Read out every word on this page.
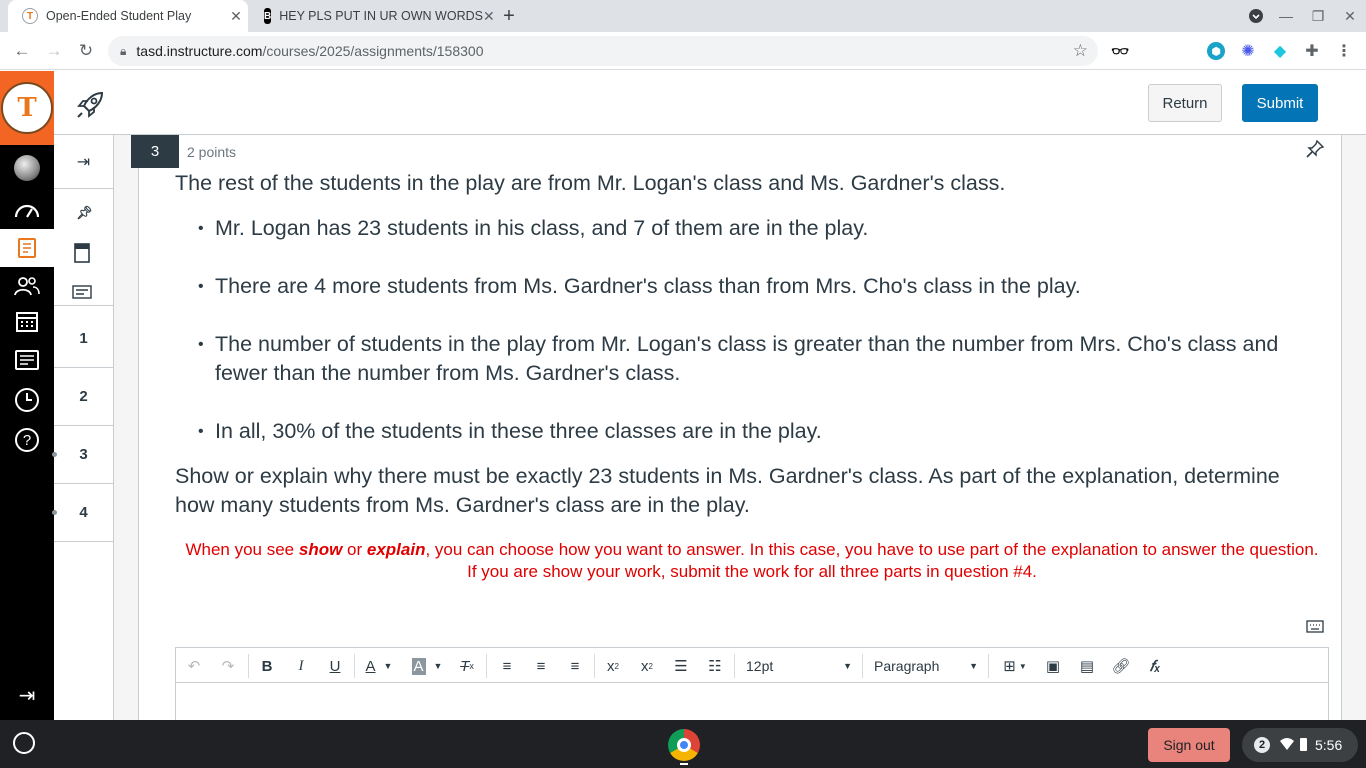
T	Open-Ended Student Play	✕	B HEY PLS PUT IN UR OWN WORDS ✕ +	—	❐	✕
← → ↻	🔒︎ tasd.instructure.com /courses/2025/assignments/158300	☆ 👓︎	C	R	⬢ ✺ ◆ ✚ ⋮
T
?
⇥
Return	Submit
⇥
📌︎
1
2
3
4
3	2 points
The rest of the students in the play are from Mr. Logan's class and Ms. Gardner's class.
• Mr. Logan has 23 students in his class, and 7 of them are in the play.
• There are 4 more students from Ms. Gardner's class than from Mrs. Cho's class in the play.
• The number of students in the play from Mr. Logan's class is greater than the number from Mrs. Cho's class and fewer than the number from Ms. Gardner's class.
• In all, 30% of the students in these three classes are in the play.
Show or explain why there must be exactly 23 students in Ms. Gardner's class. As part of the explanation, determine how many students from Ms. Gardner's class are in the play.
When you see show or explain, you can choose how you want to answer. In this case, you have to use part of the explanation to answer the question.
If you are show your work, submit the work for all three parts in question #4.
↶ ↷	B	I	U	A ▼ A ▼ T x	≡	≡	≡	x 2	x 2 ☰ ☷	12pt	▼ Paragraph	▼ ⊞ ▼ ▣ ▤ 🔗︎	𝑓ₓ
Sign out	2	5:56
